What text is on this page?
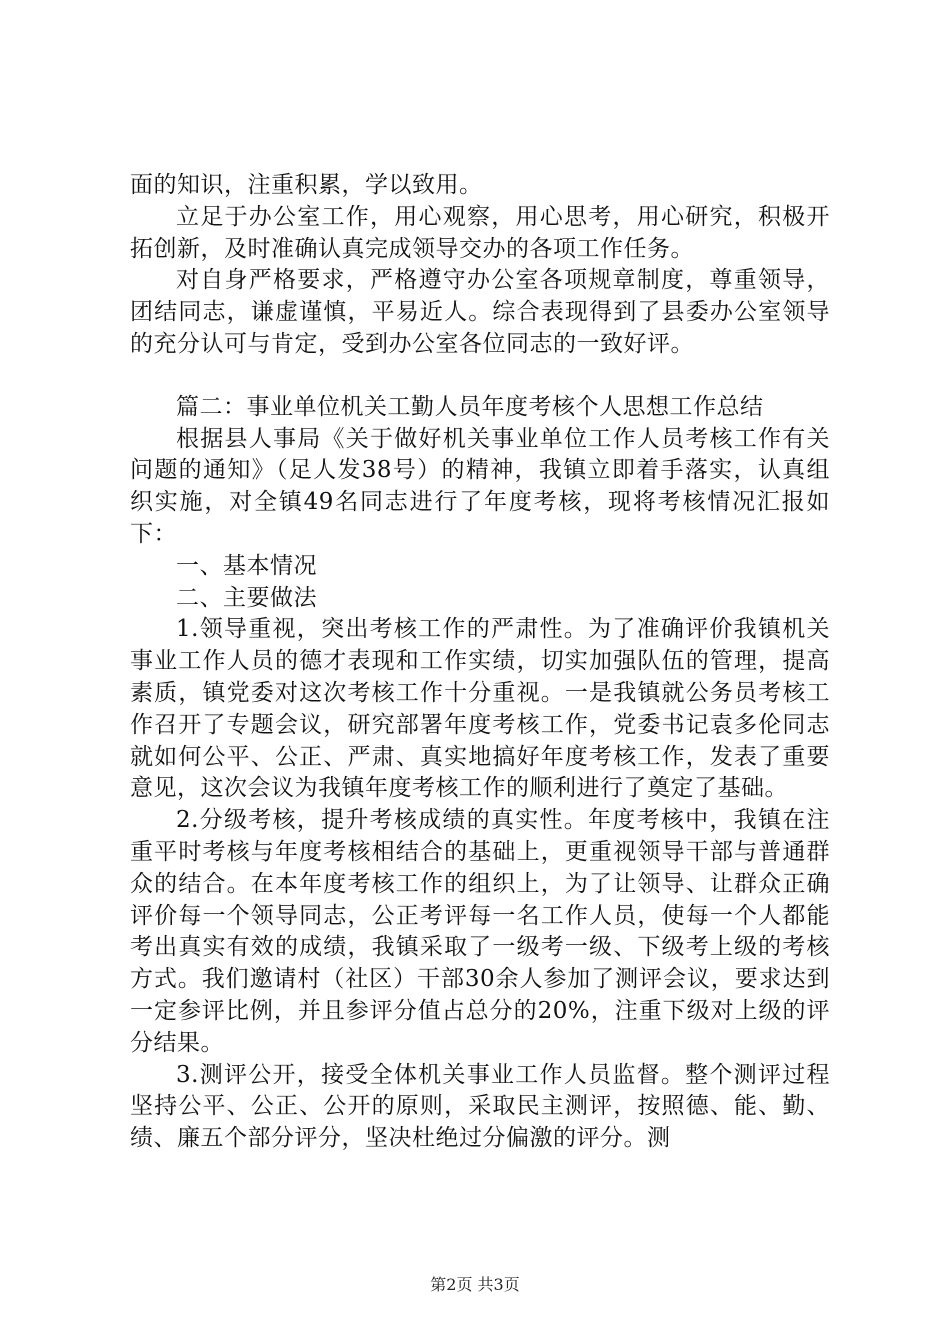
面的知识，注重积累，学以致用。

立足于办公室工作，用心观察，用心思考，用心研究，积极开拓创新，及时准确认真完成领导交办的各项工作任务。

对自身严格要求，严格遵守办公室各项规章制度，尊重领导，团结同志，谦虚谨慎，平易近人。综合表现得到了县委办公室领导的充分认可与肯定，受到办公室各位同志的一致好评。

篇二：事业单位机关工勤人员年度考核个人思想工作总结

根据县人事局《关于做好机关事业单位工作人员考核工作有关问题的通知》（足人发38号）的精神，我镇立即着手落实，认真组织实施，对全镇49名同志进行了年度考核，现将考核情况汇报如下：

一、基本情况

二、主要做法

1.领导重视，突出考核工作的严肃性。为了准确评价我镇机关事业工作人员的德才表现和工作实绩，切实加强队伍的管理，提高素质，镇党委对这次考核工作十分重视。一是我镇就公务员考核工作召开了专题会议，研究部署年度考核工作，党委书记袁多伦同志就如何公平、公正、严肃、真实地搞好年度考核工作，发表了重要意见，这次会议为我镇年度考核工作的顺利进行了奠定了基础。

2.分级考核，提升考核成绩的真实性。年度考核中，我镇在注重平时考核与年度考核相结合的基础上，更重视领导干部与普通群众的结合。在本年度考核工作的组织上，为了让领导、让群众正确评价每一个领导同志，公正考评每一名工作人员，使每一个人都能考出真实有效的成绩，我镇采取了一级考一级、下级考上级的考核方式。我们邀请村（社区）干部30余人参加了测评会议，要求达到一定参评比例，并且参评分值占总分的20%，注重下级对上级的评分结果。

3.测评公开，接受全体机关事业工作人员监督。整个测评过程坚持公平、公正、公开的原则，采取民主测评，按照德、能、勤、绩、廉五个部分评分，坚决杜绝过分偏激的评分。测

第2页 共3页
